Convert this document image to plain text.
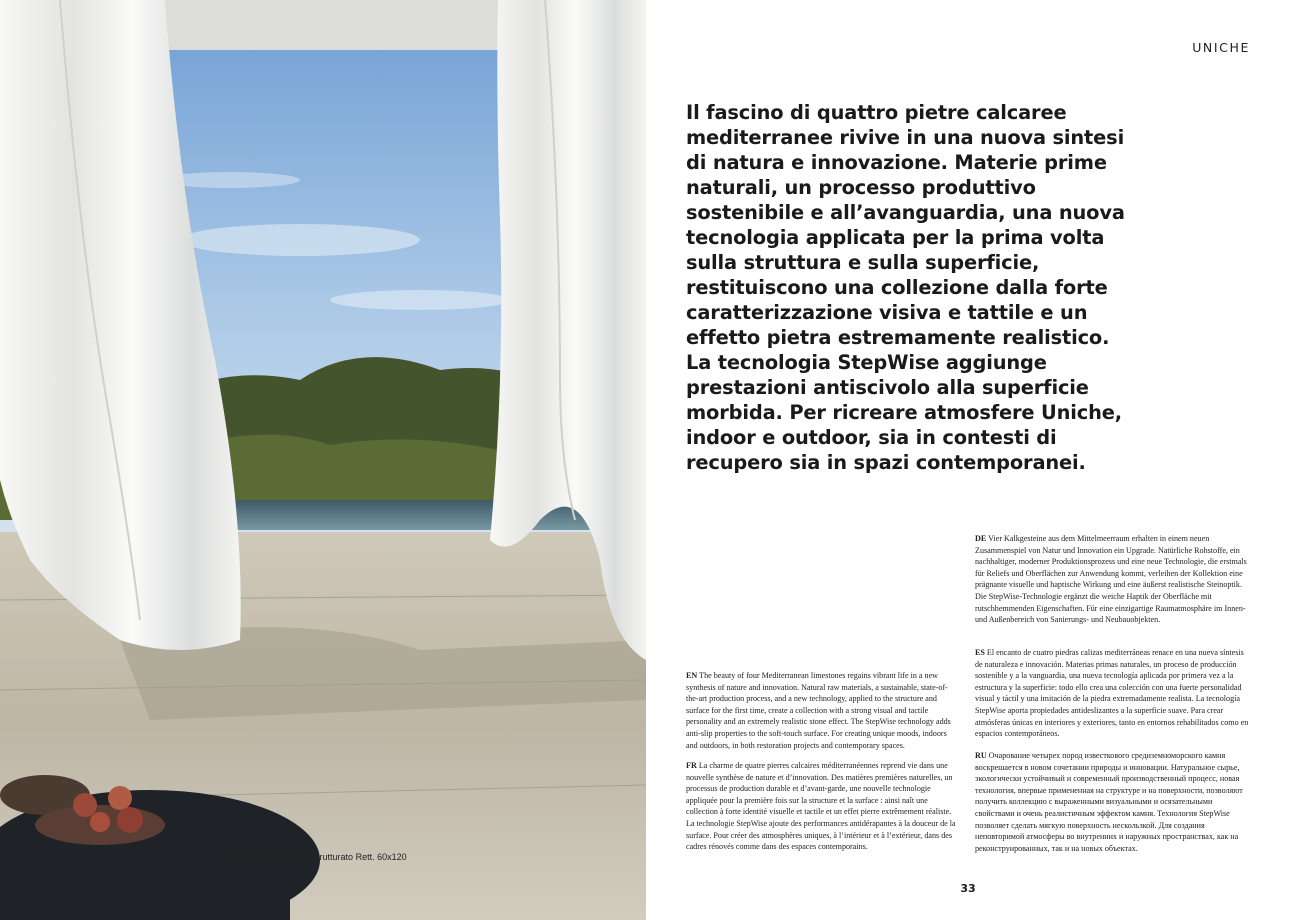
M699 Uniche Ostuni Strutturato Rett. 60x120
UNICHE

Il fascino di quattro pietre calcaree mediterranee rivive in una nuova sintesi di natura e innovazione. Materie prime naturali, un processo produttivo sostenibile e all’avanguardia, una nuova tecnologia applicata per la prima volta sulla struttura e sulla superficie, restituiscono una collezione dalla forte caratterizzazione visiva e tattile e un effetto pietra estremamente realistico. La tecnologia StepWise aggiunge prestazioni antiscivolo alla superficie morbida. Per ricreare atmosfere Uniche, indoor e outdoor, sia in contesti di recupero sia in spazi contemporanei.

EN The beauty of four Mediterranean limestones regains vibrant life in a new synthesis of nature and innovation. Natural raw materials, a sustainable, state-of-the-art production process, and a new technology, applied to the structure and surface for the first time, create a collection with a strong visual and tactile personality and an extremely realistic stone effect. The StepWise technology adds anti-slip properties to the soft-touch surface. For creating unique moods, indoors and outdoors, in both restoration projects and contemporary spaces.

FR La charme de quatre pierres calcaires méditerranéennes reprend vie dans une nouvelle synthèse de nature et d’innovation. Des matières premières naturelles, un processus de production durable et d’avant-garde, une nouvelle technologie appliquée pour la première fois sur la structure et la surface : ainsi naît une collection à forte identité visuelle et tactile et un effet pierre extrêmement réaliste. La technologie StepWise ajoute des performances antidérapantes à la douceur de la surface. Pour créer des atmosphères uniques, à l’intérieur et à l’extérieur, dans des cadres rénovés comme dans des espaces contemporains.

DE Vier Kalkgesteine aus dem Mittelmeerraum erhalten in einem neuen Zusammenspiel von Natur und Innovation ein Upgrade. Natürliche Rohstoffe, ein nachhaltiger, moderner Produktionsprozess und eine neue Technologie, die erstmals für Reliefs und Oberflächen zur Anwendung kommt, verleihen der Kollektion eine prägnante visuelle und haptische Wirkung und eine äußerst realistische Steinoptik. Die StepWise-Technologie ergänzt die weiche Haptik der Oberfläche mit rutschhemmenden Eigenschaften. Für eine einzigartige Raumatmosphäre im Innen- und Außenbereich von Sanierungs- und Neubauobjekten.

ES El encanto de cuatro piedras calizas mediterráneas renace en una nueva síntesis de naturaleza e innovación. Materias primas naturales, un proceso de producción sostenible y a la vanguardia, una nueva tecnología aplicada por primera vez a la estructura y la superficie: todo ello crea una colección con una fuerte personalidad visual y táctil y una imitación de la piedra extremadamente realista. La tecnología StepWise aporta propiedades antideslizantes a la superficie suave. Para crear atmósferas únicas en interiores y exteriores, tanto en entornos rehabilitados como en espacios contemporáneos.

RU Очарование четырех пород известкового средиземноморского камня воскрешается в новом сочетании природы и инновации. Натуральное сырье, экологически устойчивый и современный производственный процесс, новая технология, впервые примененная на структуре и на поверхности, позволяют получить коллекцию с выраженными визуальными и осязательными свойствами и очень реалистичным эффектом камня. Технология StepWise позволяет сделать мягкую поверхность нескользкой. Для создания неповторимой атмосферы во внутренних и наружных пространствах, как на реконструированных, так и на новых объектах.

33
